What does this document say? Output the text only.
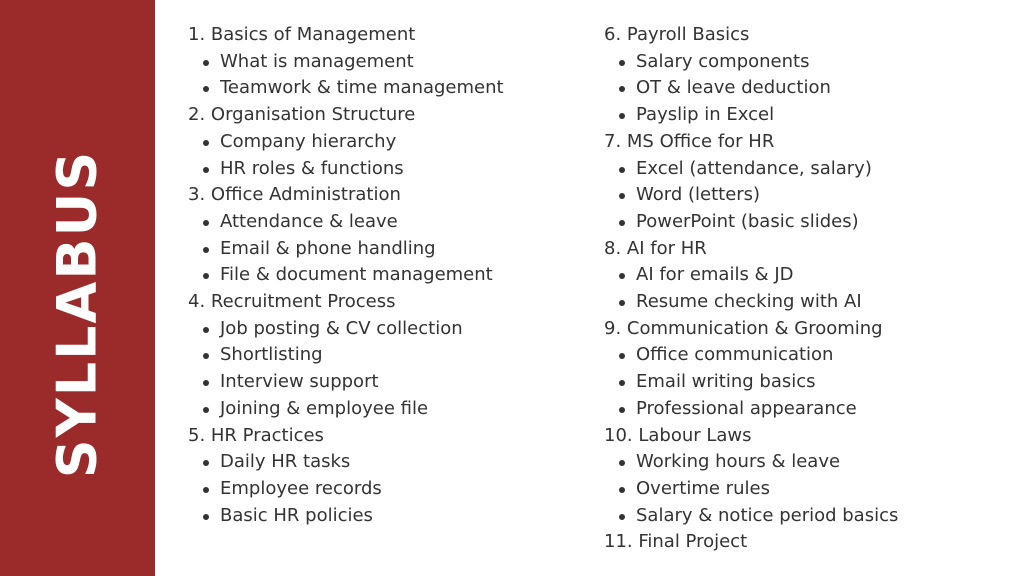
SYLLABUS
1. Basics of Management
What is management
Teamwork & time management
2. Organisation Structure
Company hierarchy
HR roles & functions
3. Office Administration
Attendance & leave
Email & phone handling
File & document management
4. Recruitment Process
Job posting & CV collection
Shortlisting
Interview support
Joining & employee file
5. HR Practices
Daily HR tasks
Employee records
Basic HR policies
6. Payroll Basics
Salary components
OT & leave deduction
Payslip in Excel
7. MS Office for HR
Excel (attendance, salary)
Word (letters)
PowerPoint (basic slides)
8. AI for HR
AI for emails & JD
Resume checking with AI
9. Communication & Grooming
Office communication
Email writing basics
Professional appearance
10. Labour Laws
Working hours & leave
Overtime rules
Salary & notice period basics
11. Final Project
